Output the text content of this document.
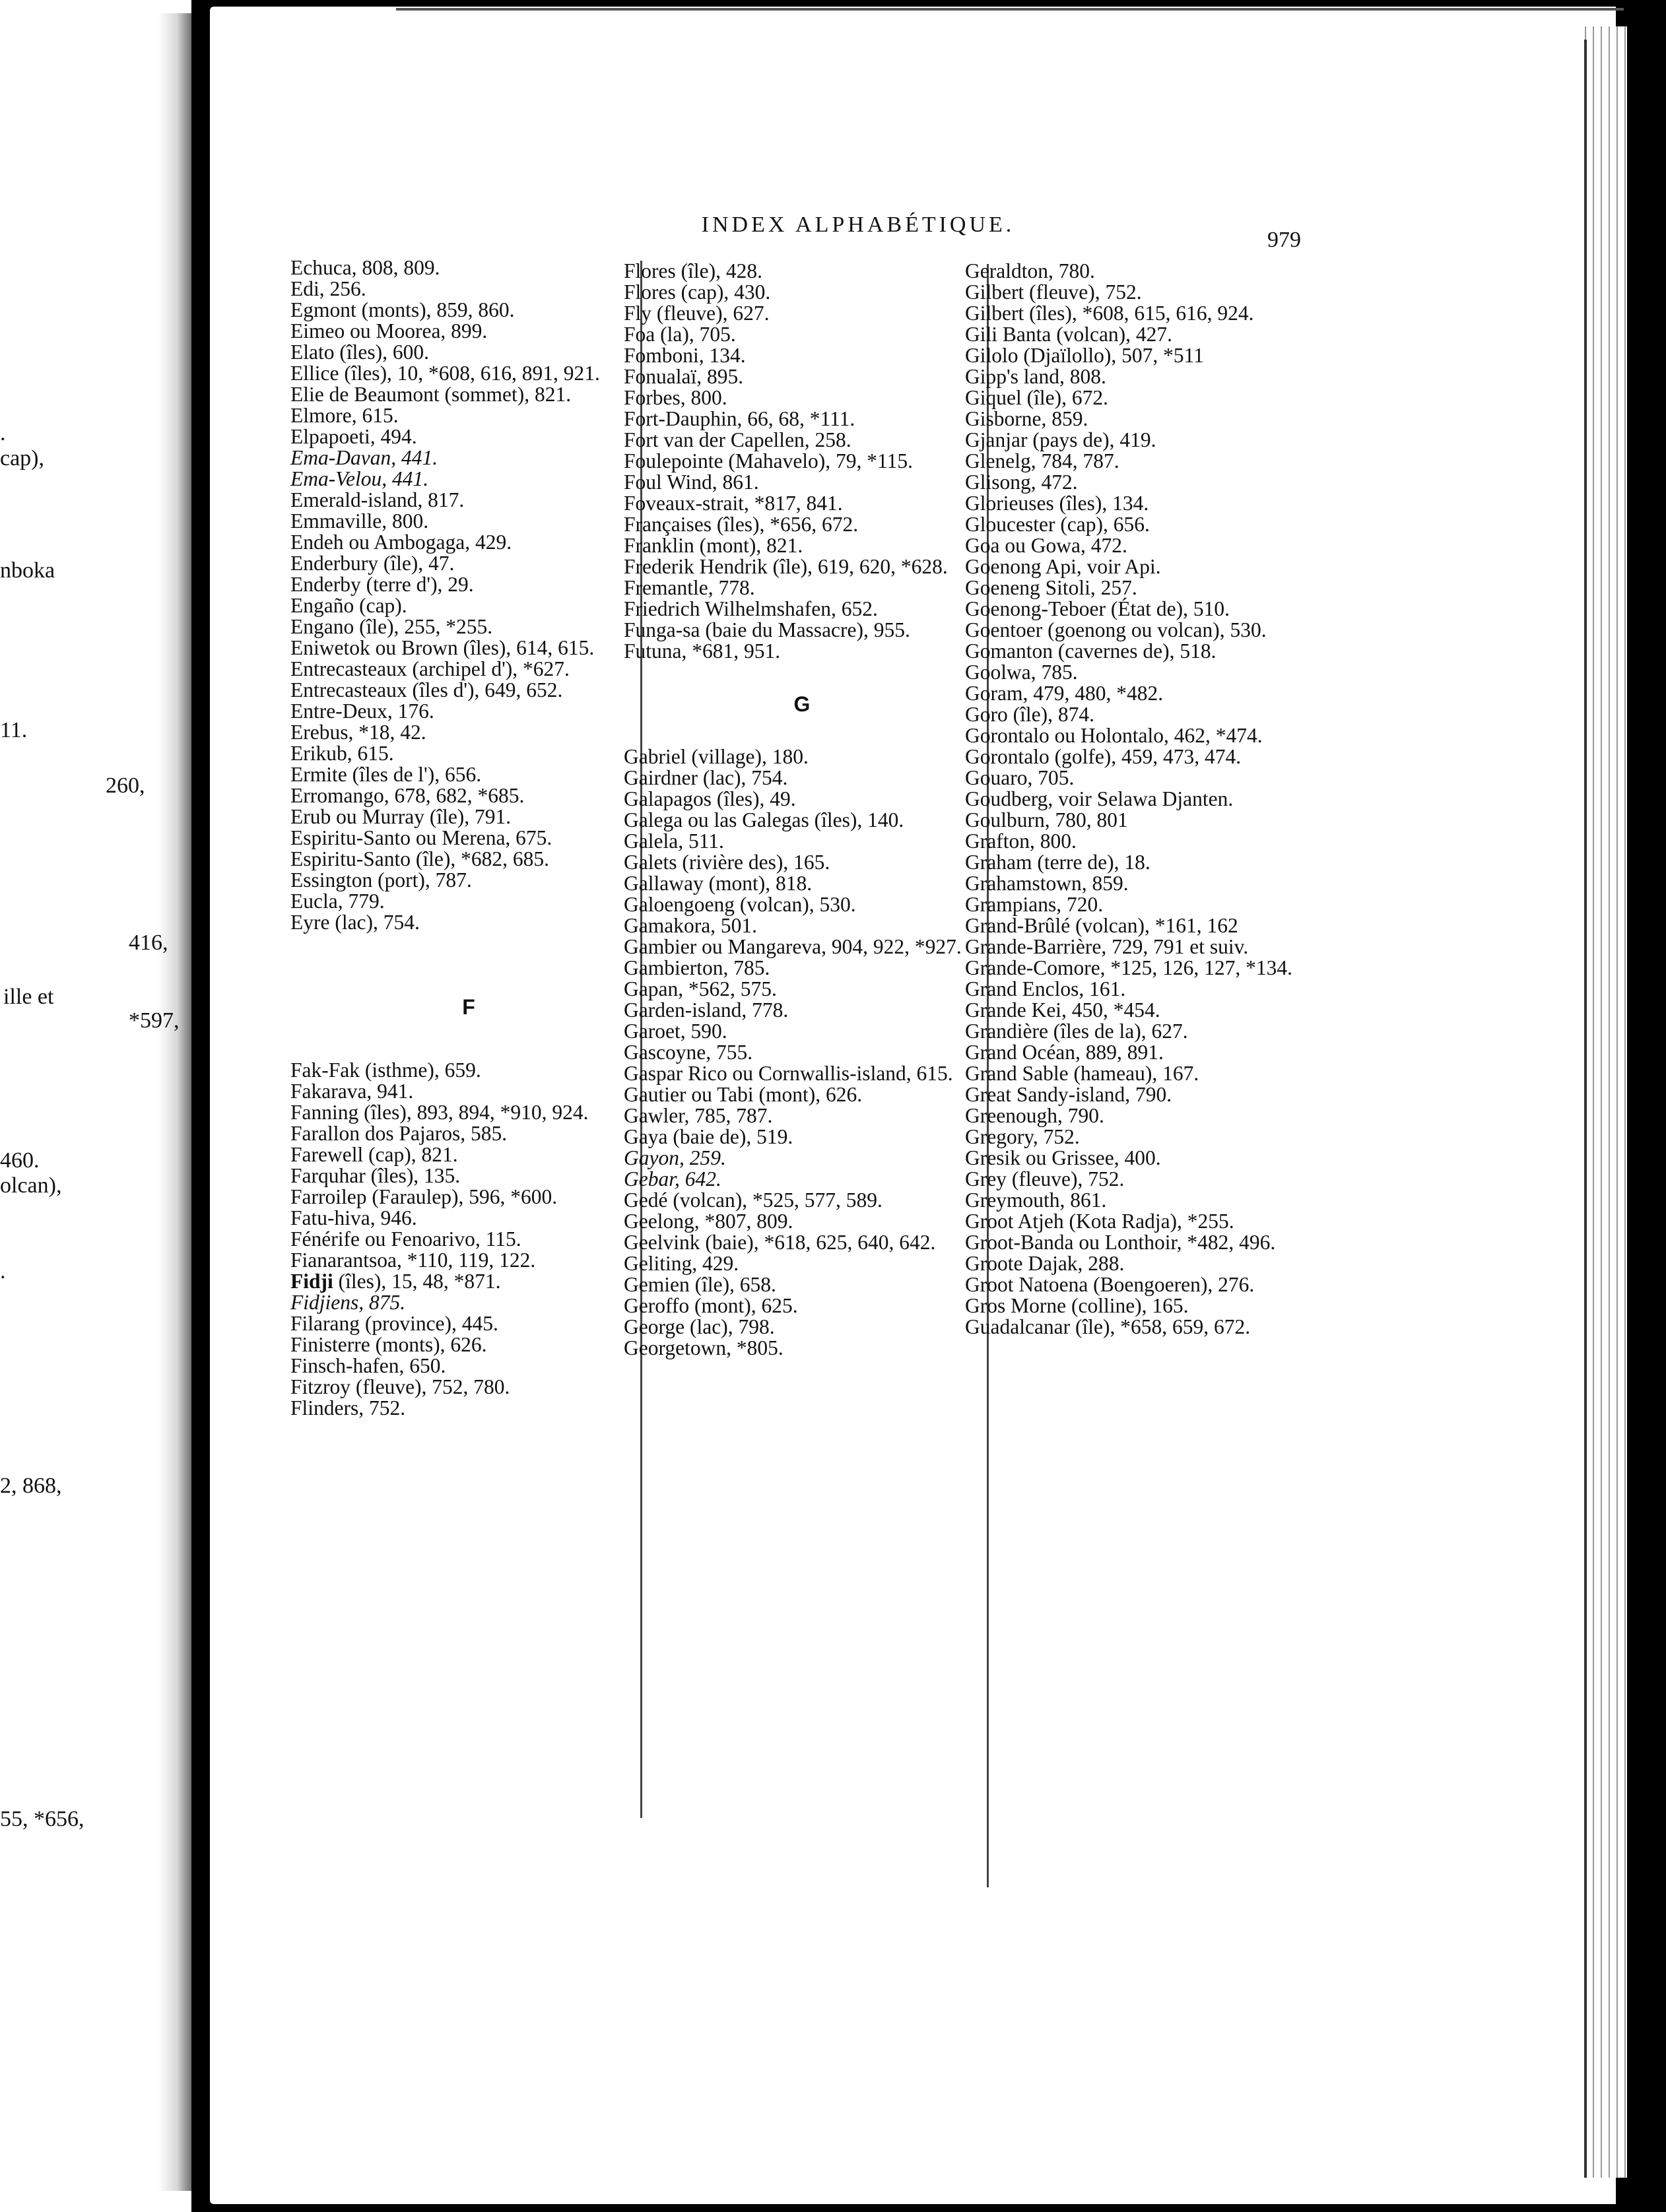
.
cap),
nboka
11.
260,
416,
ille et
*597,
460.
olcan),
.
2, 868,
55, *656,
INDEX ALPHABÉTIQUE.
979

Echuca, 808, 809.

Edi, 256.

Egmont (monts), 859, 860.

Eimeo ou Moorea, 899.

Elato (îles), 600.

Ellice (îles), 10, *608, 616, 891, 921.

Elie de Beaumont (sommet), 821.

Elmore, 615.

Elpapoeti, 494.

Ema-Davan, 441.

Ema-Velou, 441.

Emerald-island, 817.

Emmaville, 800.

Endeh ou Ambogaga, 429.

Enderbury (île), 47.

Enderby (terre d'), 29.

Engaño (cap).

Engano (île), 255, *255.

Eniwetok ou Brown (îles), 614, 615.

Entrecasteaux (archipel d'), *627.

Entrecasteaux (îles d'), 649, 652.

Entre-Deux, 176.

Erebus, *18, 42.

Erikub, 615.

Ermite (îles de l'), 656.

Erromango, 678, 682, *685.

Erub ou Murray (île), 791.

Espiritu-Santo ou Merena, 675.

Espiritu-Santo (île), *682, 685.

Essington (port), 787.

Eucla, 779.

Eyre (lac), 754.

F

Fak-Fak (isthme), 659.

Fakarava, 941.

Fanning (îles), 893, 894, *910, 924.

Farallon dos Pajaros, 585.

Farewell (cap), 821.

Farquhar (îles), 135.

Farroilep (Faraulep), 596, *600.

Fatu-hiva, 946.

Fénérife ou Fenoarivo, 115.

Fianarantsoa, *110, 119, 122.

Fidji (îles), 15, 48, *871.

Fidjiens, 875.

Filarang (province), 445.

Finisterre (monts), 626.

Finsch-hafen, 650.

Fitzroy (fleuve), 752, 780.

Flinders, 752.

Flores (île), 428.

Flores (cap), 430.

Fly (fleuve), 627.

Foa (la), 705.

Fomboni, 134.

Fonualaï, 895.

Forbes, 800.

Fort-Dauphin, 66, 68, *111.

Fort van der Capellen, 258.

Foulepointe (Mahavelo), 79, *115.

Foul Wind, 861.

Foveaux-strait, *817, 841.

Françaises (îles), *656, 672.

Franklin (mont), 821.

Frederik Hendrik (île), 619, 620, *628.

Fremantle, 778.

Friedrich Wilhelmshafen, 652.

Funga-sa (baie du Massacre), 955.

Futuna, *681, 951.

G

Gabriel (village), 180.

Gairdner (lac), 754.

Galapagos (îles), 49.

Galega ou las Galegas (îles), 140.

Galela, 511.

Galets (rivière des), 165.

Gallaway (mont), 818.

Galoengoeng (volcan), 530.

Gamakora, 501.

Gambier ou Mangareva, 904, 922, *927.

Gambierton, 785.

Gapan, *562, 575.

Garden-island, 778.

Garoet, 590.

Gascoyne, 755.

Gaspar Rico ou Cornwallis-island, 615.

Gautier ou Tabi (mont), 626.

Gawler, 785, 787.

Gaya (baie de), 519.

Gayon, 259.

Gebar, 642.

Gedé (volcan), *525, 577, 589.

Geelong, *807, 809.

Geelvink (baie), *618, 625, 640, 642.

Geliting, 429.

Gemien (île), 658.

Geroffo (mont), 625.

George (lac), 798.

Georgetown, *805.

Geraldton, 780.

Gilbert (fleuve), 752.

Gilbert (îles), *608, 615, 616, 924.

Gili Banta (volcan), 427.

Gilolo (Djaïlollo), 507, *511

Gipp's land, 808.

Giquel (île), 672.

Gisborne, 859.

Gjanjar (pays de), 419.

Glenelg, 784, 787.

Glisong, 472.

Glorieuses (îles), 134.

Gloucester (cap), 656.

Goa ou Gowa, 472.

Goenong Api, voir Api.

Goeneng Sitoli, 257.

Goenong-Teboer (État de), 510.

Goentoer (goenong ou volcan), 530.

Gomanton (cavernes de), 518.

Goolwa, 785.

Goram, 479, 480, *482.

Goro (île), 874.

Gorontalo ou Holontalo, 462, *474.

Gorontalo (golfe), 459, 473, 474.

Gouaro, 705.

Goudberg, voir Selawa Djanten.

Goulburn, 780, 801

Grafton, 800.

Graham (terre de), 18.

Grahamstown, 859.

Grampians, 720.

Grand-Brûlé (volcan), *161, 162

Grande-Barrière, 729, 791 et suiv.

Grande-Comore, *125, 126, 127, *134.

Grand Enclos, 161.

Grande Kei, 450, *454.

Grandière (îles de la), 627.

Grand Océan, 889, 891.

Grand Sable (hameau), 167.

Great Sandy-island, 790.

Greenough, 790.

Gregory, 752.

Gresik ou Grissee, 400.

Grey (fleuve), 752.

Greymouth, 861.

Groot Atjeh (Kota Radja), *255.

Groot-Banda ou Lonthoir, *482, 496.

Groote Dajak, 288.

Groot Natoena (Boengoeren), 276.

Gros Morne (colline), 165.

Guadalcanar (île), *658, 659, 672.
